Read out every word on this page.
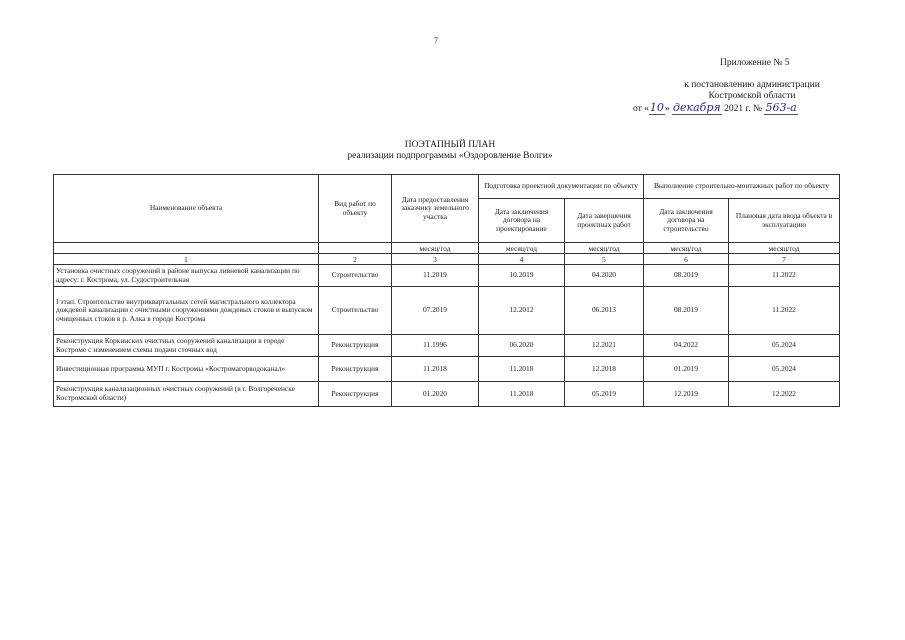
7
Приложение № 5
к постановлению администрации
Костромской области
от «10» декабря 2021 г. № 563-а
ПОЭТАПНЫЙ ПЛАН
реализации подпрограммы «Оздоровление Волги»
Наименование объекта	Вид работ по объекту	Дата предоставления заказчику земельного участка	Подготовка проектной документации по объекту		Выполнение строительно-монтажных работ по объекту	
			Дата заключения договора на проектирование	Дата завершения проектных работ	Дата заключения договора на строительство	Плановая дата ввода объекта в эксплуатацию
		месяц/год	месяц/год	месяц/год	месяц/год	месяц/год
1	2	3	4	5	6	7
Установка очистных сооружений в районе выпуска ливневой канализации по адресу: г. Кострома, ул. Судостроительная	Строительство	11.2019	10.2019	04.2020	08.2019	11.2022
I этап. Строительство внутриквартальных сетей магистрального коллектора дождевой канализации с очистными сооружениями дождевых стоков и выпуском очищенных стоков в р. Алка в городе Кострома	Строительство	07.2019	12.2012	06.2013	08.2019	11.2022
Реконструкция Коркинских очистных сооружений канализации в городе Костроме с изменением схемы подачи сточных вод	Реконструкция	11.1996	06.2020	12.2021	04.2022	05.2024
Инвестиционная программа МУП г. Костромы «Костромагорводоканал»	Реконструкция	11.2018	11.2018	12.2018	01.2019	05.2024
Реконструкция канализационных очистных сооружений (в г. Волгореченске Костромской области)	Реконструкция	01.2020	11.2018	05.2019	12.2019	12.2022
